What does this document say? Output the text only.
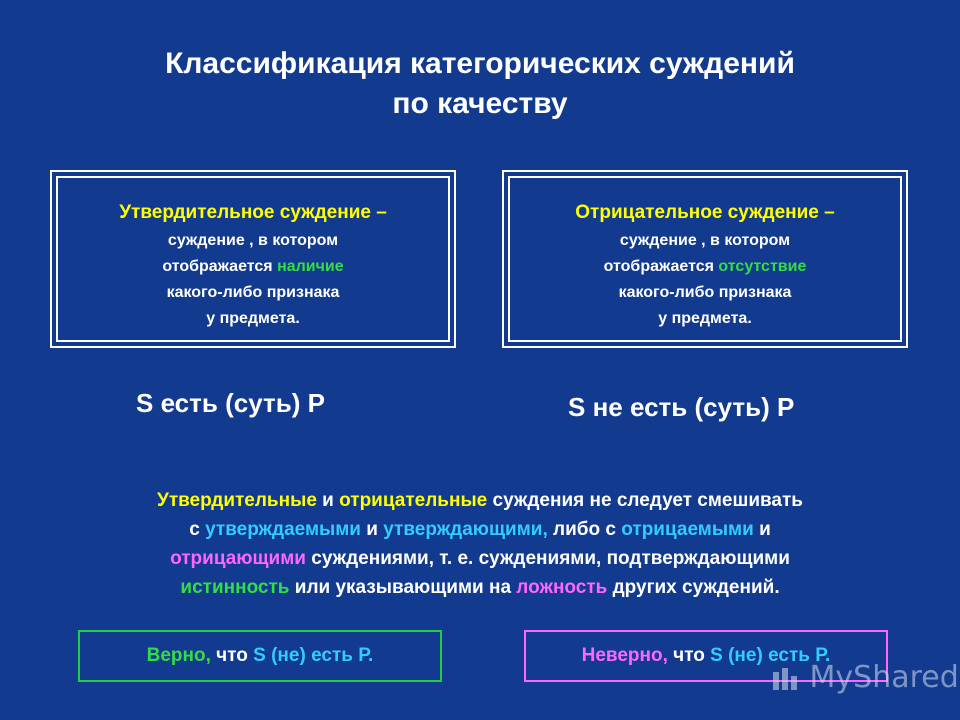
Классификация категорических суждений
по качеству
Утвердительное суждение –
суждение , в котором
отображается наличие
какого-либо признака
у предмета.
Отрицательное суждение –
суждение , в котором
отображается отсутствие
какого-либо признака
у предмета.
S есть (суть) Р	S не есть (суть) Р
Утвердительные и отрицательные суждения не следует смешивать
с утверждаемыми и утверждающими, либо с отрицаемыми и
отрицающими суждениями, т. е. суждениями, подтверждающими
истинность или указывающими на ложность других суждений.
Верно, что S (не) есть Р.	Неверно, что S (не) есть Р.
MyShared
